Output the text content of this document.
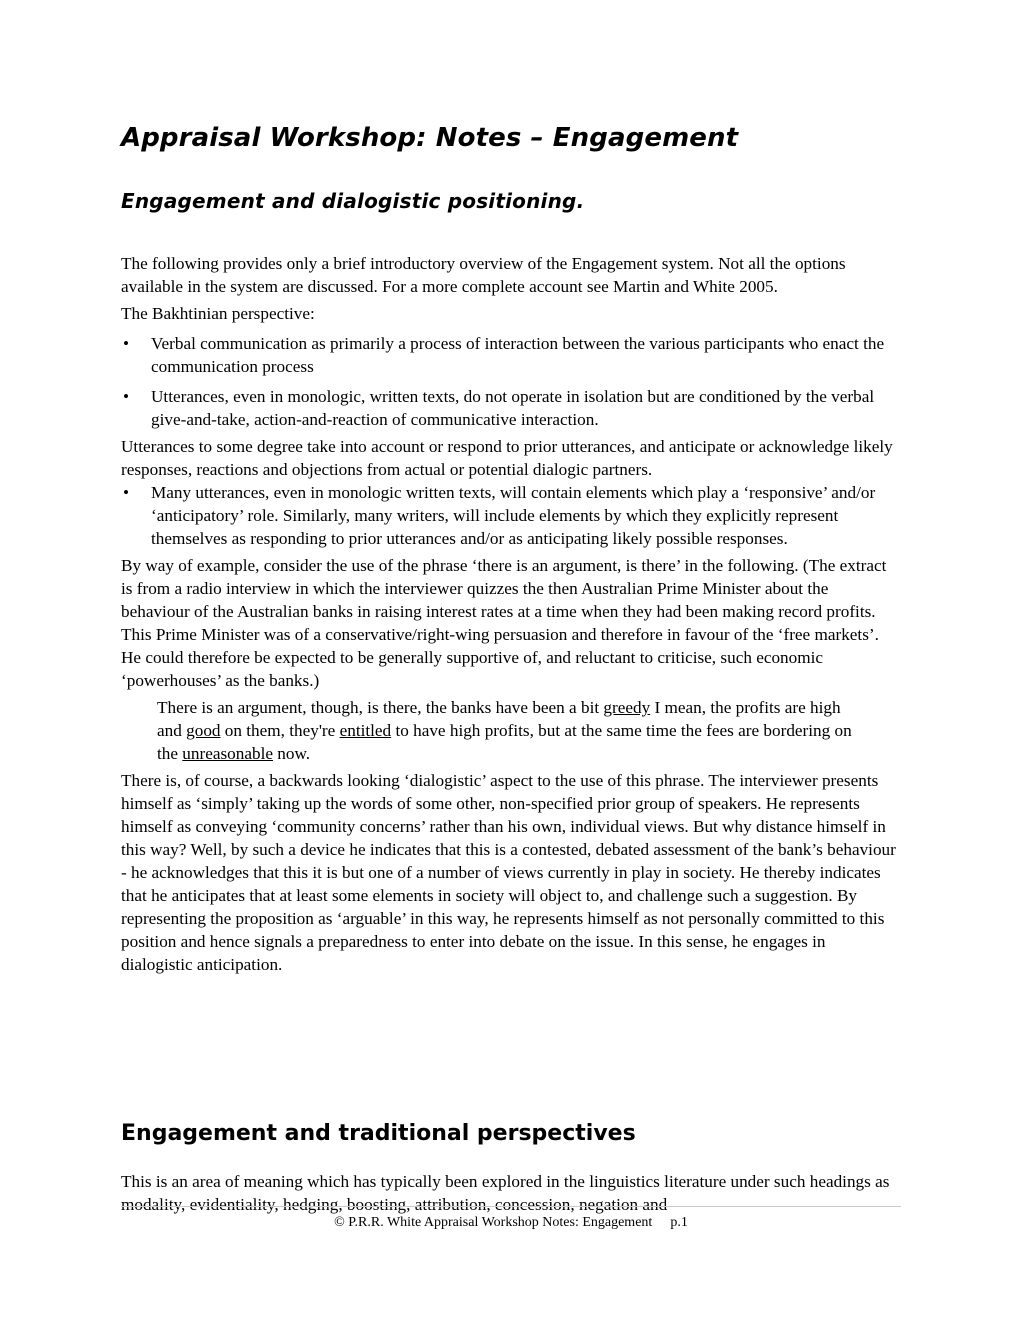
Appraisal Workshop: Notes – Engagement
Engagement and dialogistic positioning.

The following provides only a brief introductory overview of the Engagement system. Not all the options available in the system are discussed. For a more complete account see Martin and White 2005.

The Bakhtinian perspective:

• Verbal communication as primarily a process of interaction between the various participants who enact the communication process
• Utterances, even in monologic, written texts, do not operate in isolation but are conditioned by the verbal give-and-take, action-and-reaction of communicative interaction.

Utterances to some degree take into account or respond to prior utterances, and anticipate or acknowledge likely responses, reactions and objections from actual or potential dialogic partners.

• Many utterances, even in monologic written texts, will contain elements which play a ‘responsive’ and/or ‘anticipatory’ role. Similarly, many writers, will include elements by which they explicitly represent themselves as responding to prior utterances and/or as anticipating likely possible responses.

By way of example, consider the use of the phrase ‘there is an argument, is there’ in the following. (The extract is from a radio interview in which the interviewer quizzes the then Australian Prime Minister about the behaviour of the Australian banks in raising interest rates at a time when they had been making record profits. This Prime Minister was of a conservative/right-wing persuasion and therefore in favour of the ‘free markets’. He could therefore be expected to be generally supportive of, and reluctant to criticise, such economic ‘powerhouses’ as the banks.)

There is an argument, though, is there, the banks have been a bit greedy I mean, the profits are high and good on them, they're entitled to have high profits, but at the same time the fees are bordering on the unreasonable now.

There is, of course, a backwards looking ‘dialogistic’ aspect to the use of this phrase. The interviewer presents himself as ‘simply’ taking up the words of some other, non-specified prior group of speakers. He represents himself as conveying ‘community concerns’ rather than his own, individual views. But why distance himself in this way? Well, by such a device he indicates that this is a contested, debated assessment of the bank’s behaviour - he acknowledges that this it is but one of a number of views currently in play in society. He thereby indicates that he anticipates that at least some elements in society will object to, and challenge such a suggestion. By representing the proposition as ‘arguable’ in this way, he represents himself as not personally committed to this position and hence signals a preparedness to enter into debate on the issue. In this sense, he engages in dialogistic anticipation.

Engagement and traditional perspectives

This is an area of meaning which has typically been explored in the linguistics literature under such headings as modality, evidentiality, hedging, boosting, attribution, concession, negation and

© P.R.R. White Appraisal Workshop Notes: Engagement p.1
